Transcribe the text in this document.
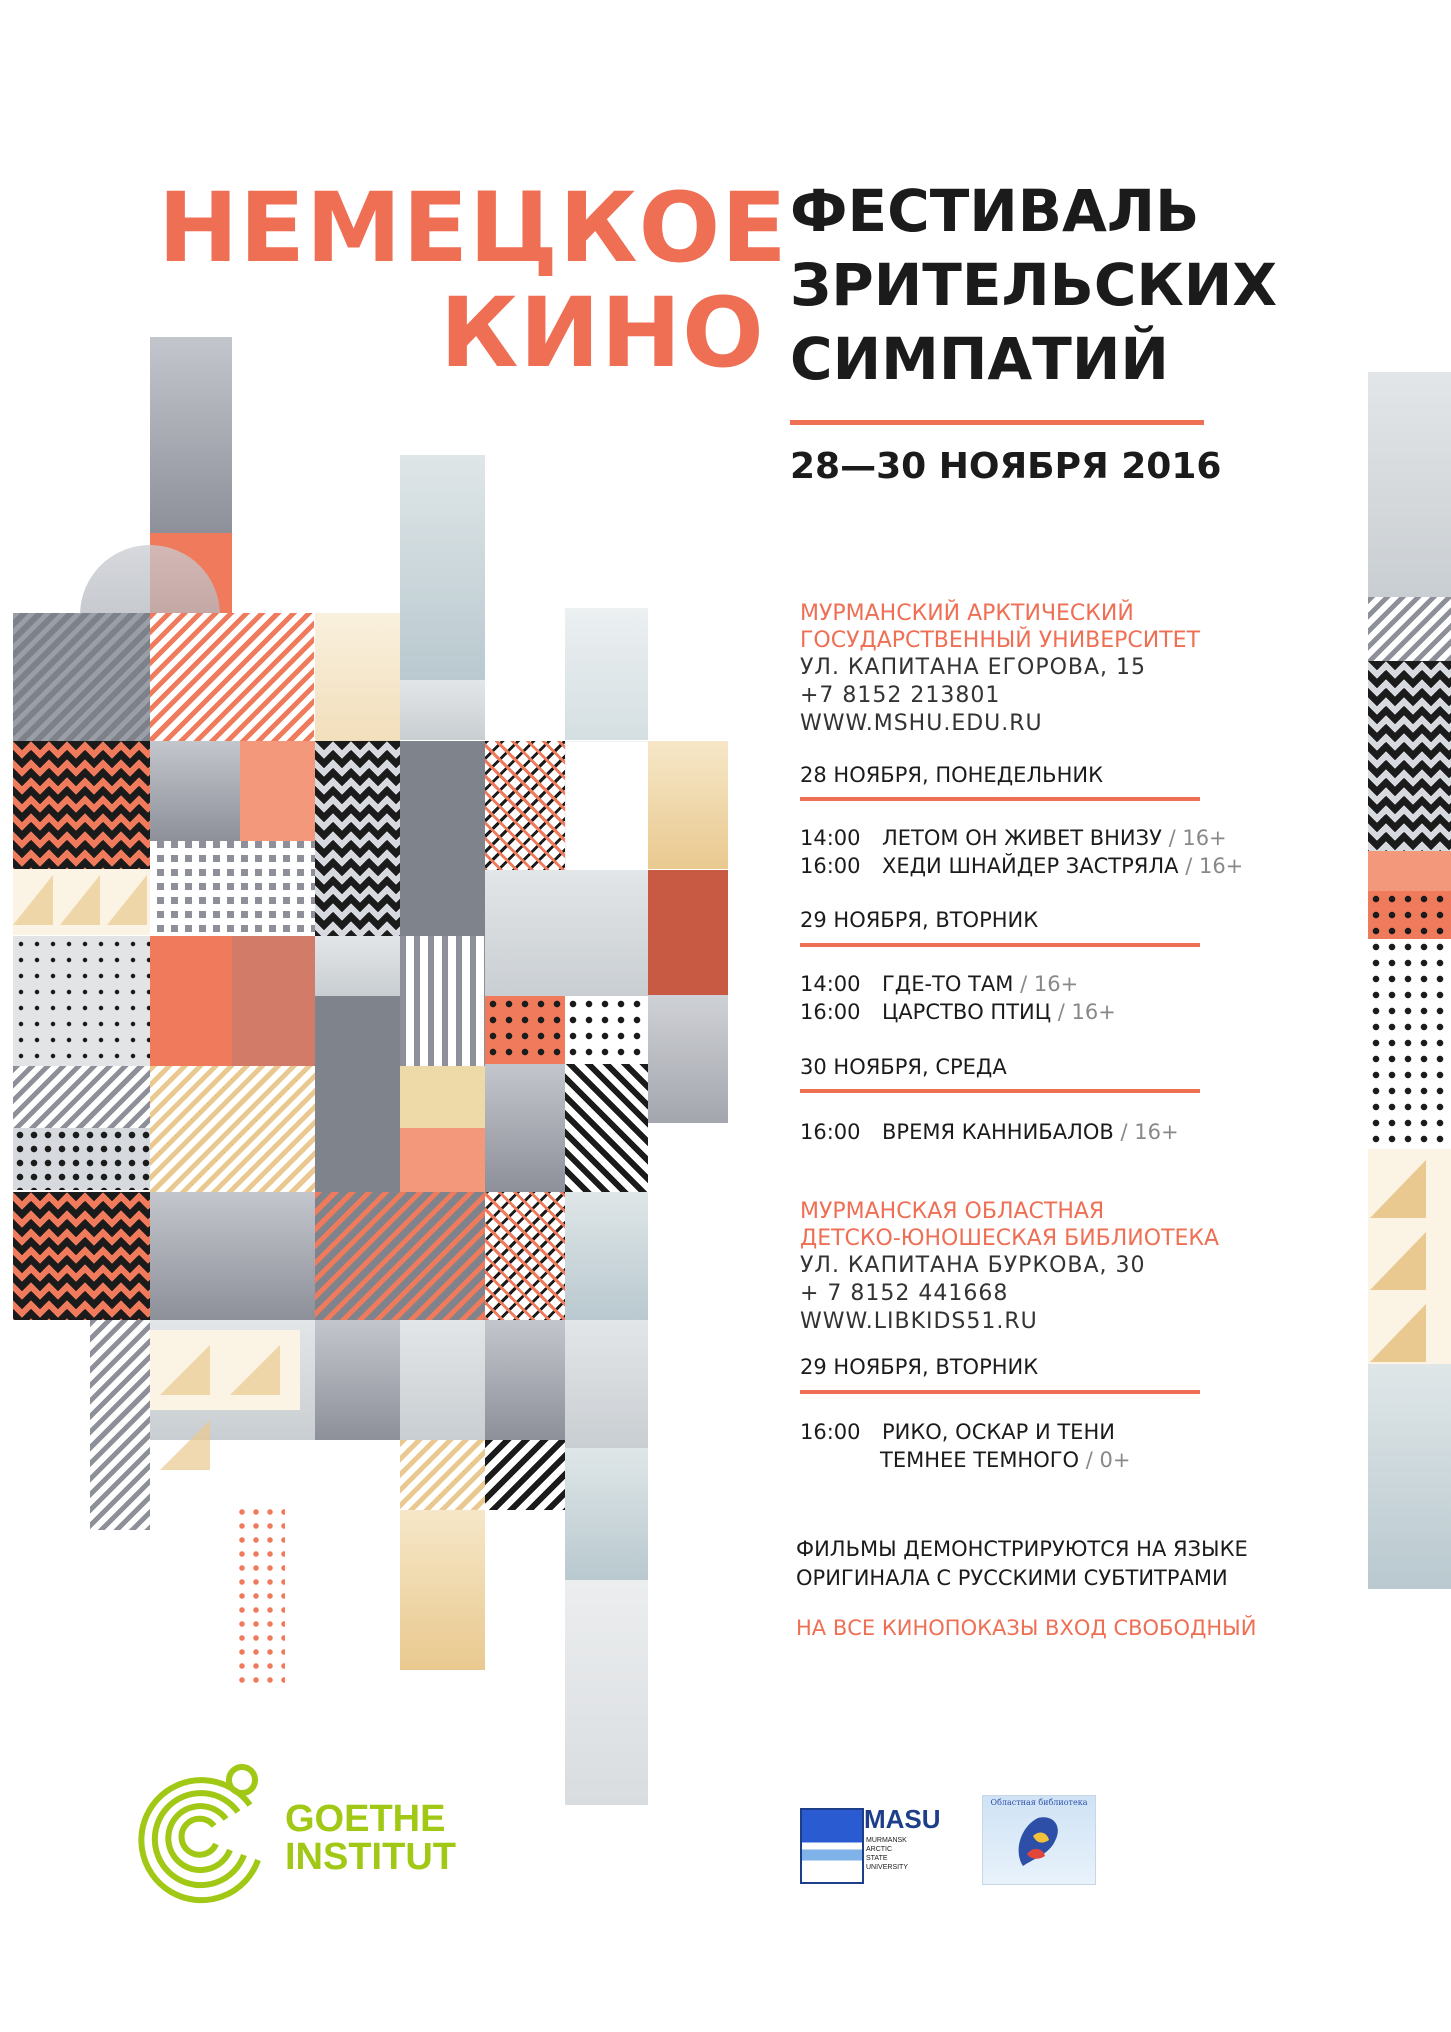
НЕМЕЦКОЕ
КИНО
ФЕСТИВАЛЬ
ЗРИТЕЛЬСКИХ
СИМПАТИЙ
28—30 НОЯБРЯ 2016
МУРМАНСКИЙ АРКТИЧЕСКИЙ
ГОСУДАРСТВЕННЫЙ УНИВЕРСИТЕТ
УЛ. КАПИТАНА ЕГОРОВА, 15
+7 8152 213801
WWW.MSHU.EDU.RU
28 НОЯБРЯ, ПОНЕДЕЛЬНИК
14:00 ЛЕТОМ ОН ЖИВЕТ ВНИЗУ / 16+
16:00 ХЕДИ ШНАЙДЕР ЗАСТРЯЛА / 16+
29 НОЯБРЯ, ВТОРНИК
14:00 ГДЕ-ТО ТАМ / 16+
16:00 ЦАРСТВО ПТИЦ / 16+
30 НОЯБРЯ, СРЕДА
16:00 ВРЕМЯ КАННИБАЛОВ / 16+
МУРМАНСКАЯ ОБЛАСТНАЯ
ДЕТСКО-ЮНОШЕСКАЯ БИБЛИОТЕКА
УЛ. КАПИТАНА БУРКОВА, 30
+ 7 8152 441668
WWW.LIBKIDS51.RU
29 НОЯБРЯ, ВТОРНИК
16:00 РИКО, ОСКАР И ТЕНИ
ТЕМНЕЕ ТЕМНОГО / 0+
ФИЛЬМЫ ДЕМОНСТРИРУЮТСЯ НА ЯЗЫКЕ
ОРИГИНАЛА С РУССКИМИ СУБТИТРАМИ
НА ВСЕ КИНОПОКАЗЫ ВХОД СВОБОДНЫЙ
GOETHE
INSTITUT
MASU
MURMANSK
ARCTIC
STATE
UNIVERSITY
Областная библиотека
